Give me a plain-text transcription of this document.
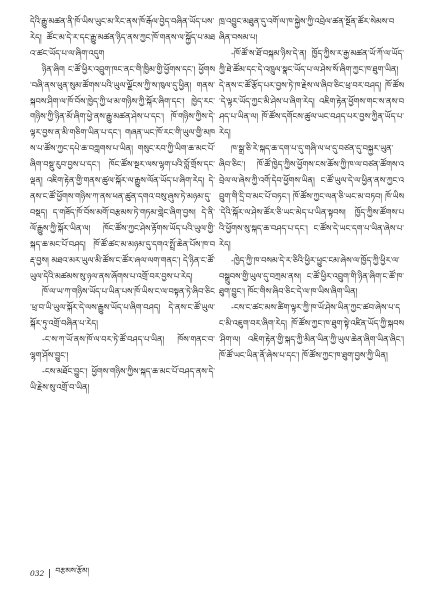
དེའི་རྒྱུ་མཚན་ནི་ཁོ་ཡིས་ཡུང་མ་རིང་ནས་ཁོ་རྒོལ་བྱེད་བཞིན་ཡོད་པས་རེད། ཚོང་མ་དེ་ར་དང་རྒྱུ་མཚན་ཉིད་ནས་ཀྱང་ཁོ་གནས་ལ་སྐྱོད་པ་མཐའ་ཚང་ཡོད་པ་ལ་ཞིག་འདུག

ཉིན་ཞིག ང་ཚོ་ཕྱིར་འབྲུག་ཁང་ནང་གི་ཁྱིམ་གྱི་ཕྱོགས་དང་། ཕྱོགས་བཞི་ནས་ཕུན་སུམ་ཚོགས་པའི་ཡུལ་ལྗོངས་ཀྱི་ས་ཁུལ་དུ་ཕྱིན། གནས་སྐབས་ཤིག་ལ་ཁོ་བོས་ཁྱེད་ཀྱི་ཕ་མ་གཉིས་ཀྱི་སྐོར་ཞིག་དང་། ཁྱེད་རང་གཉིས་ཀྱི་ཉིན་མོ་ཞིག་ཕྱེ་ནས་རྒྱུ་མཚན་ཤེས་པ་དང་། ཁོ་གཉིས་ཀྱིས་དེ་ལྟར་བྱས་ན་མི་གཅིག་ཡིན་པ་དང་། གཞན་ཡང་ཁོ་རང་གི་ཡུལ་གྱི་མཁས་པ་ཚོས་ཀྱང་དཔེ་ཆ་བཀླགས་པ་ཡིན། གསུང་རབ་ཀྱི་ཡིག་ཆ་མང་པོ་ཞིག་བསྡུ་རུབ་བྱས་པ་དང་། ཁོང་ཚོས་སྔར་ལས་ལྷག་པའི་བློ་གྲོས་དང་ལྡན། འཇིག་རྟེན་གྱི་གནས་ཚུལ་སྐོར་ལ་རྒྱུས་ལོན་ཡོད་པ་ཞིག་རེད། དེ་ནས་ང་ཚོ་ཕྱོགས་གཉིས་ཀ་ནས་ཕན་ཚུན་དགའ་བསུ་ཞུས་ཏེ་མཉམ་དུ་བསྡད། ད་གཟོད་ཁོ་བོས་མགོ་བརྩམས་ཏེ་གཏམ་གླེང་ཞིག་བྱས། དེ་ནི་ལོ་རྒྱུས་ཀྱི་སྐོར་ཡིན་ལ། ཁོང་ཚོས་ཀྱང་ཤེས་རྟོགས་ཡོད་པའི་ཡུལ་གྱི་སྐད་ཆ་མང་པོ་བཤད། ཁོ་ཚོ་ཚང་མ་མཉམ་དུ་དགའ་སྤྲོ་ཆེན་པོས་ཁ་བརྡ་བྱས། མཐའ་མར་ཡུལ་མི་ཚོས་ང་ཚོར་ཞལ་ལག་གནང་། དེ་ཉིན་ང་ཚོ་ཡུལ་དེའི་མཚམས་སུ་ཉལ་ནས་ཞོགས་པ་འགྲོ་བར་བྱས་པ་རེད།

ཁོ་ལ་ཡ་ཀ་གཉིས་ཡོད་པ་ཡིན་པས་ཁོ་ཡིས་ང་ལ་བསྟན་ཏེ་ཞིབ་ཅིང་ཕྲ་བ་ཡི་ཡུལ་སྐོར་དེ་ལས་རྒྱུས་ཡོད་པ་ཞིག་བཤད། དེ་ནས་ང་ཚོ་ཡུལ་སྐོར་ཏུ་འགྲོ་བཞིན་པ་རེད།

-ང་ས་ཀ་ཡོ་ནས་ཁོ་ལ་བར་ཏེ་ཚོ་བཤད་པ་ཡིན། ཁོས་གནང་བ་ལྷག་ཤོས་བྱུང་།

-ངས་མཐོང་བྱུང་། ཕྱོགས་གཉིས་ཀྱིས་སྐད་ཆ་མང་པོ་བཤད་ནས་དེ་ཡི་རྗེས་སུ་འགྲོ་བ་ཡིན།

ཁྲ་འབྱུང་མཐུན་དུ་འགོ་ལ་ཁ་སྐྱེས་ཀྱི་འབྲེལ་ཚན་སྔོན་ཚོར་སེམས་བཞིན་བསམ་པ།

-ཁོ་ཚོ་ས་ཐོ་བསྐམ་ཉིས་དེ་ན། ཁྱོད་ཀྱིས་ར་རྒྱ་མཚན་ཡོ་ཀོ་ལ་ཡོད་ཀྱི་ཐེ་ཚོམ་དང་དེ་འཁྲུལ་སྣང་ཡོད་པ་ལ་ཤེས་སོ་ཞིག་ཀྱང་ཁ་ཐུག་ཡིན། དེ་ནས་ང་ཚོ་རྩོད་པར་བྱས་ཏེ་ཁ་རྗེས་ལ་ཞིབ་ཅིང་ཕྲ་བར་བཤད། ཁོ་ཚོས་དེ་ལྟར་ཡོད་ཀྱང་མི་ཤེས་པ་ཞིག་རེད། འཇིག་རྟེན་ཕྱོགས་གང་ས་ནས་བཤད་པ་ཡིན་ལ། ཁོ་ཚོས་དགོངས་ཚུལ་ཡང་བཤད་པར་བྱས་ཀྱིན་ཡོད་པ་རེད།

ཁ་སྒྲ་ཅི་རེ་སྐད་ཆ་དག་པ་དུ་གཞི་ལ་ཕ་དུ་བཙན་དུ་བསྐྱར་ཡུན་ཞིབ་ཅིང་། ཁོ་ཚོ་ཁྱེད་ཀྱིས་ཕྱོགས་ངས་ཆོས་ཀྱི་ཁ་ལ་བཙན་ཚོགས་འབྲེལ་ལ་ཞེས་ཀྱི་འགོ་དེབ་ཕྱོགས་ཡིན། ང་ཚོ་ཡུལ་དེ་ལ་ཕྱིན་ནས་ཀྱང་འབྲུག་གི་དྲི་བ་མང་པོ་བཏང་། ཁོ་ཚོས་ཀྱང་ལན་ཅི་ཡང་མ་བཏབ། ཁོ་ཡིས་དེའི་སྐོར་ལ་ཤེས་ཚོར་ཅི་ཡང་མེད་པ་ཡིན་སྟབས། ཁྱོད་ཀྱིས་ཚོགས་པའི་ཕྱོགས་སུ་སྐད་ཆ་བཤད་པ་དང་། ང་ཚོས་དེ་ཡང་དག་པ་ཡིན་ཞེས་པ་རེད།

-ཁྱེད་ཀྱི་ཁ་བསམ་དེ་ར་ཅིའི་ཕྱིར་ཕྱུང་ངམ་ཞེས་ལ་ཁྱོད་ཀྱི་ཕྱིར་ལ་བསྒྲུབས་གྱི་ཡུལ་དུ་བཀྲམ་ནས། ང་ཚོ་ཕྱིར་འབྲུག་གི་ཉིན་ཞིག་ང་ཚོ་ཁ་ཐུག་བྱུང་། ཁོང་གིས་ཞིབ་ཅིང་དེ་ལ་ཁ་ཡིས་ཞིག་ཡིན།

-ངས་ང་ཚང་མས་ཚིག་ལྟར་ཀྱི་ཁ་ཡོ་ཤེས་ཡིན་ཀྱང་ཚབ་ཞེས་པ་དང་མི་འཇུག་བར་ཞིག་རེད། ཁོ་ཚོས་ཀྱང་ཁ་ཐུག་སྟེ་འཛིན་ཡོད་ཀྱི་སྐབས་ཤིག་ལ། འཇིག་རྟེན་གྱི་སྐད་ཀྱི་མིན་ཡིན་ཀྱི་ཡུལ་ཆེན་ཞིག་ཡིན་ཞིང་། ཁོ་ཚོ་ཡང་ཡིན་ནོ་ཞེས་པ་དང་། ཁོ་ཚོས་ཀྱང་ཁ་ཐུག་བྱས་ཀྱི་ཡིན།

032 བརྩམས་རྩོམ།
